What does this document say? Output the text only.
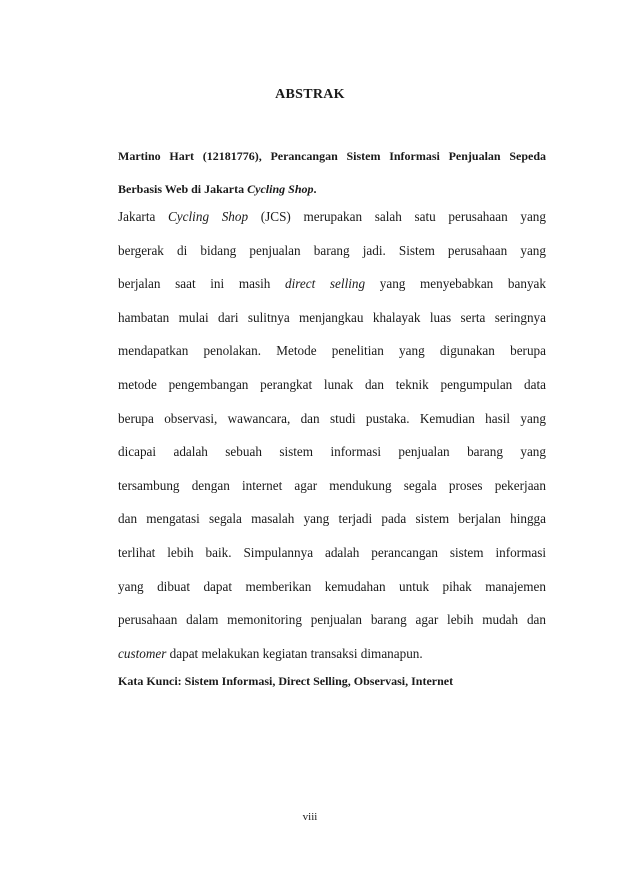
ABSTRAK
Martino Hart (12181776), Perancangan Sistem Informasi Penjualan Sepeda
Berbasis Web di Jakarta Cycling Shop.
Jakarta Cycling Shop (JCS) merupakan salah satu perusahaan yang
bergerak di bidang penjualan barang jadi. Sistem perusahaan yang
berjalan saat ini masih direct selling yang menyebabkan banyak
hambatan mulai dari sulitnya menjangkau khalayak luas serta seringnya
mendapatkan penolakan. Metode penelitian yang digunakan berupa
metode pengembangan perangkat lunak dan teknik pengumpulan data
berupa observasi, wawancara, dan studi pustaka. Kemudian hasil yang
dicapai adalah sebuah sistem informasi penjualan barang yang
tersambung dengan internet agar mendukung segala proses pekerjaan
dan mengatasi segala masalah yang terjadi pada sistem berjalan hingga
terlihat lebih baik. Simpulannya adalah perancangan sistem informasi
yang dibuat dapat memberikan kemudahan untuk pihak manajemen
perusahaan dalam memonitoring penjualan barang agar lebih mudah dan
customer dapat melakukan kegiatan transaksi dimanapun.
Kata Kunci: Sistem Informasi, Direct Selling, Observasi, Internet
viii
